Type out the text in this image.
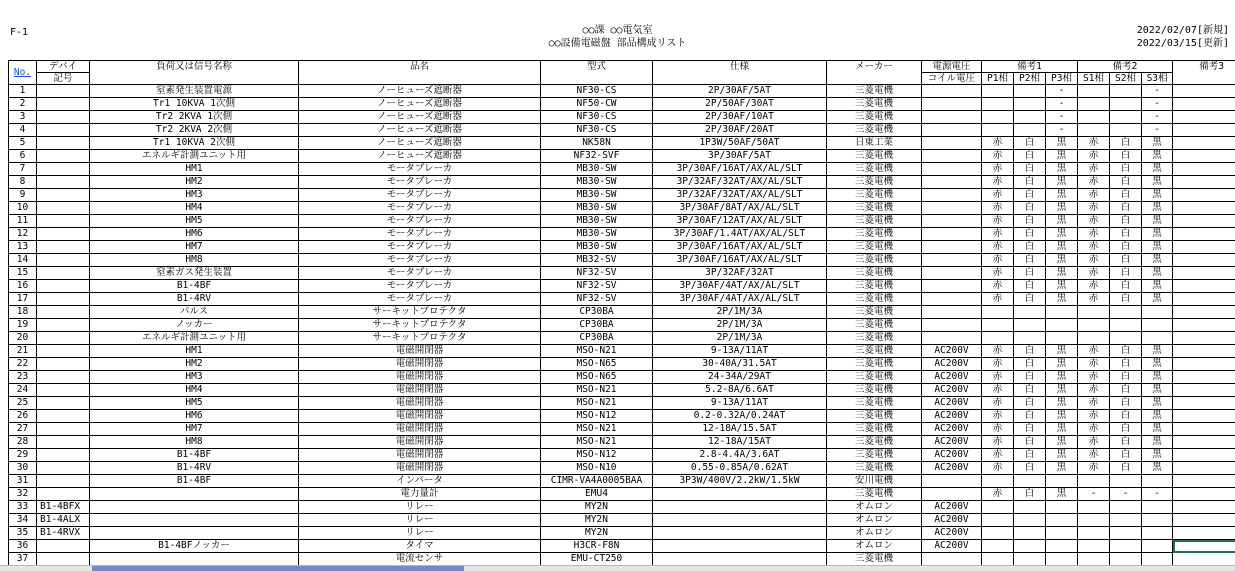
F-1	○○課 ○○電気室
○○設備電磁盤 部品構成リスト
2022/02/07[新規]
2022/03/15[更新]
No.	デバイ	負荷又は信号名称	品名	型式	仕様	メーカー	電源電圧	備考1			備考2			備考3
	記号						コイル電圧	P1相	P2相	P3相	S1相	S2相	S3相	
1		窒素発生装置電源	ノーヒューズ遮断器	NF30-CS	2P/30AF/5AT	三菱電機				-			-	
2		Tr1 10KVA 1次側	ノーヒューズ遮断器	NF50-CW	2P/50AF/30AT	三菱電機				-			-	
3		Tr2 2KVA 1次側	ノーヒューズ遮断器	NF30-CS	2P/30AF/10AT	三菱電機				-			-	
4		Tr2 2KVA 2次側	ノーヒューズ遮断器	NF30-CS	2P/30AF/20AT	三菱電機				-			-	
5		Tr1 10KVA 2次側	ノーヒューズ遮断器	NK58N	1P3W/50AF/50AT	日東工業		赤	白	黒	赤	白	黒	
6		エネルギ計測ユニット用	ノーヒューズ遮断器	NF32-SVF	3P/30AF/5AT	三菱電機		赤	白	黒	赤	白	黒	
7		HM1	モータブレーカ	MB30-SW	3P/30AF/16AT/AX/AL/SLT	三菱電機		赤	白	黒	赤	白	黒	
8		HM2	モータブレーカ	MB30-SW	3P/32AF/32AT/AX/AL/SLT	三菱電機		赤	白	黒	赤	白	黒	
9		HM3	モータブレーカ	MB30-SW	3P/32AF/32AT/AX/AL/SLT	三菱電機		赤	白	黒	赤	白	黒	
10		HM4	モータブレーカ	MB30-SW	3P/30AF/8AT/AX/AL/SLT	三菱電機		赤	白	黒	赤	白	黒	
11		HM5	モータブレーカ	MB30-SW	3P/30AF/12AT/AX/AL/SLT	三菱電機		赤	白	黒	赤	白	黒	
12		HM6	モータブレーカ	MB30-SW	3P/30AF/1.4AT/AX/AL/SLT	三菱電機		赤	白	黒	赤	白	黒	
13		HM7	モータブレーカ	MB30-SW	3P/30AF/16AT/AX/AL/SLT	三菱電機		赤	白	黒	赤	白	黒	
14		HM8	モータブレーカ	MB32-SV	3P/30AF/16AT/AX/AL/SLT	三菱電機		赤	白	黒	赤	白	黒	
15		窒素ガス発生装置	モータブレーカ	NF32-SV	3P/32AF/32AT	三菱電機		赤	白	黒	赤	白	黒	
16		B1-4BF	モータブレーカ	NF32-SV	3P/30AF/4AT/AX/AL/SLT	三菱電機		赤	白	黒	赤	白	黒	
17		B1-4RV	モータブレーカ	NF32-SV	3P/30AF/4AT/AX/AL/SLT	三菱電機		赤	白	黒	赤	白	黒	
18		パルス	サーキットプロテクタ	CP30BA	2P/1M/3A	三菱電機								
19		ノッカー	サーキットプロテクタ	CP30BA	2P/1M/3A	三菱電機								
20		エネルギ計測ユニット用	サーキットプロテクタ	CP30BA	2P/1M/3A	三菱電機								
21		HM1	電磁開閉器	MSO-N21	9-13A/11AT	三菱電機	AC200V	赤	白	黒	赤	白	黒	
22		HM2	電磁開閉器	MSO-N65	30-40A/31.5AT	三菱電機	AC200V	赤	白	黒	赤	白	黒	
23		HM3	電磁開閉器	MSO-N65	24-34A/29AT	三菱電機	AC200V	赤	白	黒	赤	白	黒	
24		HM4	電磁開閉器	MSO-N21	5.2-8A/6.6AT	三菱電機	AC200V	赤	白	黒	赤	白	黒	
25		HM5	電磁開閉器	MSO-N21	9-13A/11AT	三菱電機	AC200V	赤	白	黒	赤	白	黒	
26		HM6	電磁開閉器	MSO-N12	0.2-0.32A/0.24AT	三菱電機	AC200V	赤	白	黒	赤	白	黒	
27		HM7	電磁開閉器	MSO-N21	12-18A/15.5AT	三菱電機	AC200V	赤	白	黒	赤	白	黒	
28		HM8	電磁開閉器	MSO-N21	12-18A/15AT	三菱電機	AC200V	赤	白	黒	赤	白	黒	
29		B1-4BF	電磁開閉器	MSO-N12	2.8-4.4A/3.6AT	三菱電機	AC200V	赤	白	黒	赤	白	黒	
30		B1-4RV	電磁開閉器	MSO-N10	0.55-0.85A/0.62AT	三菱電機	AC200V	赤	白	黒	赤	白	黒	
31		B1-4BF	インバータ	CIMR-VA4A0005BAA	3P3W/400V/2.2kW/1.5kW	安川電機								
32			電力量計	EMU4		三菱電機		赤	白	黒	-	-	-	
33	B1-4BFX		リレー	MY2N		オムロン	AC200V							
34	B1-4ALX		リレー	MY2N		オムロン	AC200V							
35	B1-4RVX		リレー	MY2N		オムロン	AC200V							
36		B1-4BFノッカー	タイマ	H3CR-F8N		オムロン	AC200V							
37			電流センサ	EMU-CT250		三菱電機								
